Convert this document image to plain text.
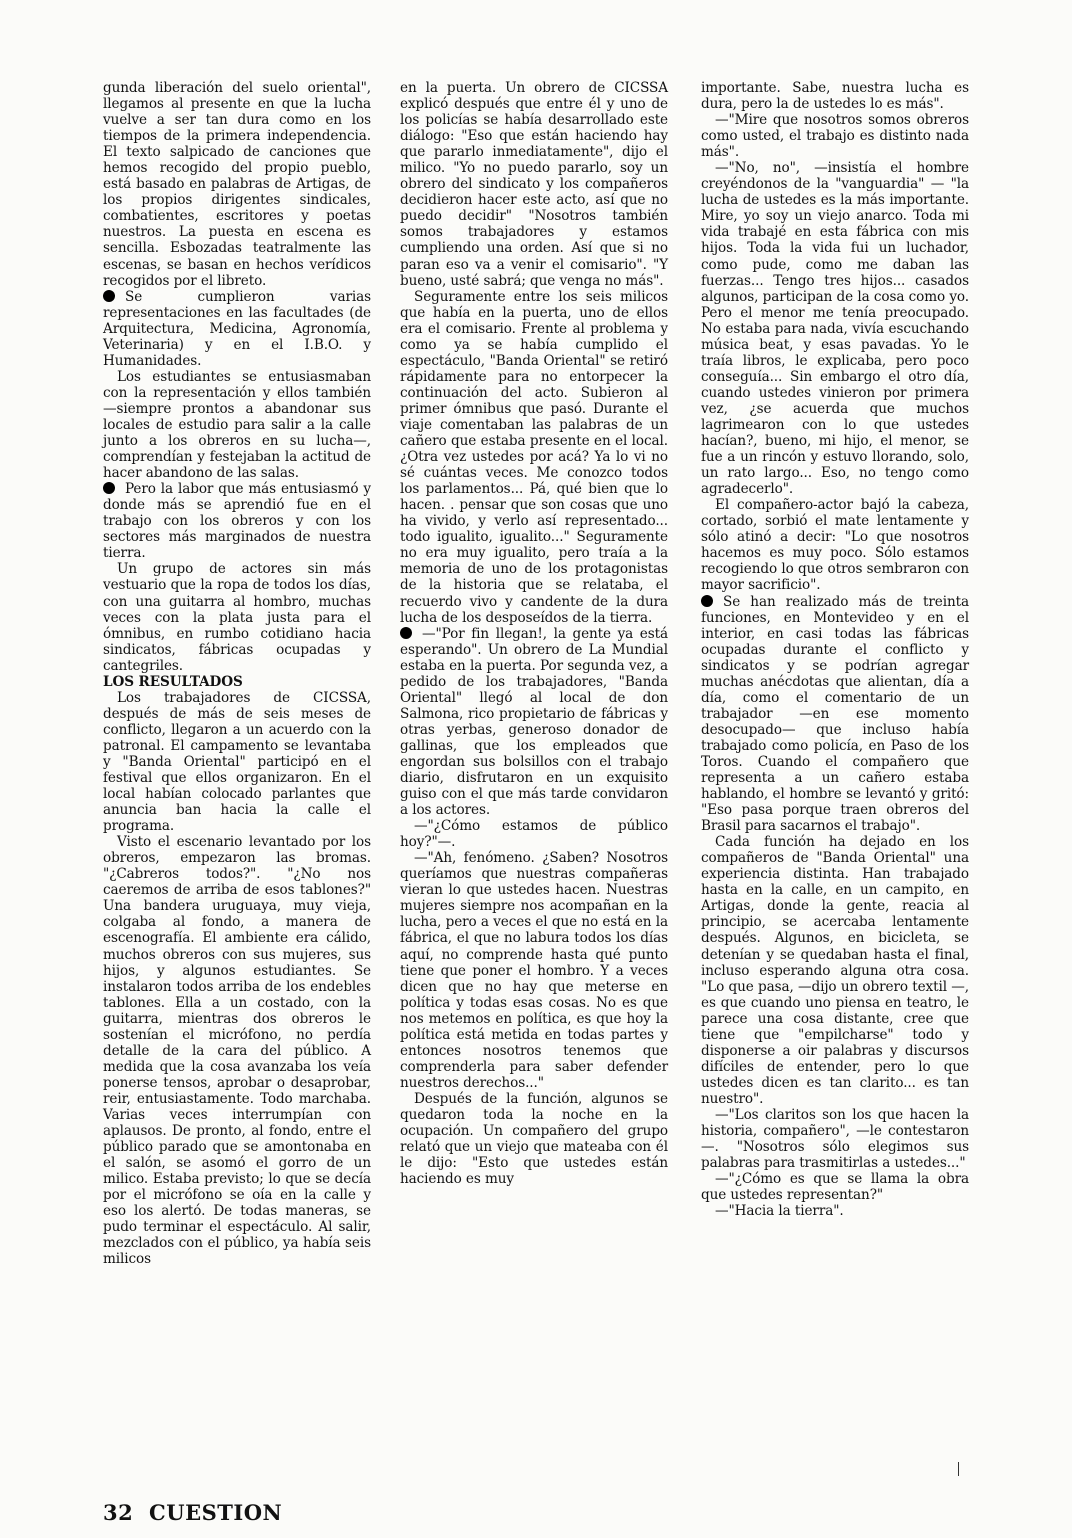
gunda liberación del suelo oriental", llegamos al presente en que la lucha vuelve a ser tan dura como en los tiempos de la primera independencia. El texto salpicado de canciones que hemos recogido del propio pueblo, está basado en palabras de Artigas, de los propios dirigentes sindicales, combatientes, escritores y poetas nuestros. La puesta en escena es sencilla. Esbozadas teatralmente las escenas, se basan en hechos verídicos recogidos por el libreto.

Se cumplieron varias representaciones en las facultades (de Arquitectura, Medicina, Agronomía, Veterinaria) y en el I.B.O. y Humanidades.

Los estudiantes se entusiasmaban con la representación y ellos también —siempre prontos a abandonar sus locales de estudio para salir a la calle junto a los obreros en su lucha—, comprendían y festejaban la actitud de hacer abandono de las salas.

Pero la labor que más entusiasmó y donde más se aprendió fue en el trabajo con los obreros y con los sectores más marginados de nuestra tierra.

Un grupo de actores sin más vestuario que la ropa de todos los días, con una guitarra al hombro, muchas veces con la plata justa para el ómnibus, en rumbo cotidiano hacia sindicatos, fábricas ocupadas y cantegriles.

LOS RESULTADOS

Los trabajadores de CICSSA, después de más de seis meses de conflicto, llegaron a un acuerdo con la patronal. El campamento se levantaba y "Banda Oriental" participó en el festival que ellos organizaron. En el local habían colocado parlantes que anuncia ban hacia la calle el programa.

Visto el escenario levantado por los obreros, empezaron las bromas. "¿Cabreros todos?". "¿No nos caeremos de arriba de esos tablones?" Una bandera uruguaya, muy vieja, colgaba al fondo, a manera de escenografía. El ambiente era cálido, muchos obreros con sus mujeres, sus hijos, y algunos estudiantes. Se instalaron todos arriba de los endebles tablones. Ella a un costado, con la guitarra, mientras dos obreros le sostenían el micrófono, no perdía detalle de la cara del público. A medida que la cosa avanzaba los veía ponerse tensos, aprobar o desaprobar, reir, entusiastamente. Todo marchaba. Varias veces interrumpían con aplausos. De pronto, al fondo, entre el público parado que se amontonaba en el salón, se asomó el gorro de un milico. Estaba previsto; lo que se decía por el micrófono se oía en la calle y eso los alertó. De todas maneras, se pudo terminar el espectáculo. Al salir, mezclados con el público, ya había seis milicos

en la puerta. Un obrero de CICSSA explicó después que entre él y uno de los policías se había desarrollado este diálogo: "Eso que están haciendo hay que pararlo inmediatamente", dijo el milico. "Yo no puedo pararlo, soy un obrero del sindicato y los compañeros decidieron hacer este acto, así que no puedo decidir" "Nosotros también somos trabajadores y estamos cumpliendo una orden. Así que si no paran eso va a venir el comisario". "Y bueno, usté sabrá; que venga no más".

Seguramente entre los seis milicos que había en la puerta, uno de ellos era el comisario. Frente al problema y como ya se había cumplido el espectáculo, "Banda Oriental" se retiró rápidamente para no entorpecer la continuación del acto. Subieron al primer ómnibus que pasó. Durante el viaje comentaban las palabras de un cañero que estaba presente en el local. ¿Otra vez ustedes por acá? Ya lo vi no sé cuántas veces. Me conozco todos los parlamentos... Pá, qué bien que lo hacen. . pensar que son cosas que uno ha vivido, y verlo así representado... todo igualito, igualito..." Seguramente no era muy igualito, pero traía a la memoria de uno de los protagonistas de la historia que se relataba, el recuerdo vivo y candente de la dura lucha de los desposeídos de la tierra.

—"Por fin llegan!, la gente ya está esperando". Un obrero de La Mundial estaba en la puerta. Por segunda vez, a pedido de los trabajadores, "Banda Oriental" llegó al local de don Salmona, rico propietario de fábricas y otras yerbas, generoso donador de gallinas, que los empleados que engordan sus bolsillos con el trabajo diario, disfrutaron en un exquisito guiso con el que más tarde convidaron a los actores.

—"¿Cómo estamos de público hoy?"—.

—"Ah, fenómeno. ¿Saben? Nosotros queríamos que nuestras compañeras vieran lo que ustedes hacen. Nuestras mujeres siempre nos acompañan en la lucha, pero a veces el que no está en la fábrica, el que no labura todos los días aquí, no comprende hasta qué punto tiene que poner el hombro. Y a veces dicen que no hay que meterse en política y todas esas cosas. No es que nos metemos en política, es que hoy la política está metida en todas partes y entonces nosotros tenemos que comprenderla para saber defender nuestros derechos..."

Después de la función, algunos se quedaron toda la noche en la ocupación. Un compañero del grupo relató que un viejo que mateaba con él le dijo: "Esto que ustedes están haciendo es muy

importante. Sabe, nuestra lucha es dura, pero la de ustedes lo es más".

—"Mire que nosotros somos obreros como usted, el trabajo es distinto nada más".

—"No, no", —insistía el hombre creyéndonos de la "vanguardia" — "la lucha de ustedes es la más importante. Mire, yo soy un viejo anarco. Toda mi vida trabajé en esta fábrica con mis hijos. Toda la vida fui un luchador, como pude, como me daban las fuerzas... Tengo tres hijos... casados algunos, participan de la cosa como yo. Pero el menor me tenía preocupado. No estaba para nada, vivía escuchando música beat, y esas pavadas. Yo le traía libros, le explicaba, pero poco conseguía... Sin embargo el otro día, cuando ustedes vinieron por primera vez, ¿se acuerda que muchos lagrimearon con lo que ustedes hacían?, bueno, mi hijo, el menor, se fue a un rincón y estuvo llorando, solo, un rato largo... Eso, no tengo como agradecerlo".

El compañero-actor bajó la cabeza, cortado, sorbió el mate lentamente y sólo atinó a decir: "Lo que nosotros hacemos es muy poco. Sólo estamos recogiendo lo que otros sembraron con mayor sacrificio".

Se han realizado más de treinta funciones, en Montevideo y en el interior, en casi todas las fábricas ocupadas durante el conflicto y sindicatos y se podrían agregar muchas anécdotas que alientan, día a día, como el comentario de un trabajador —en ese momento desocupado— que incluso había trabajado como policía, en Paso de los Toros. Cuando el compañero que representa a un cañero estaba hablando, el hombre se levantó y gritó: "Eso pasa porque traen obreros del Brasil para sacarnos el trabajo".

Cada función ha dejado en los compañeros de "Banda Oriental" una experiencia distinta. Han trabajado hasta en la calle, en un campito, en Artigas, donde la gente, reacia al principio, se acercaba lentamente después. Algunos, en bicicleta, se detenían y se quedaban hasta el final, incluso esperando alguna otra cosa. "Lo que pasa, —dijo un obrero textil —, es que cuando uno piensa en teatro, le parece una cosa distante, cree que tiene que "empilcharse" todo y disponerse a oir palabras y discursos difíciles de entender, pero lo que ustedes dicen es tan clarito... es tan nuestro".

—"Los claritos son los que hacen la historia, compañero", —le contestaron—. "Nosotros sólo elegimos sus palabras para trasmitirlas a ustedes..."

—"¿Cómo es que se llama la obra que ustedes representan?"

—"Hacia la tierra".

32 CUESTION
